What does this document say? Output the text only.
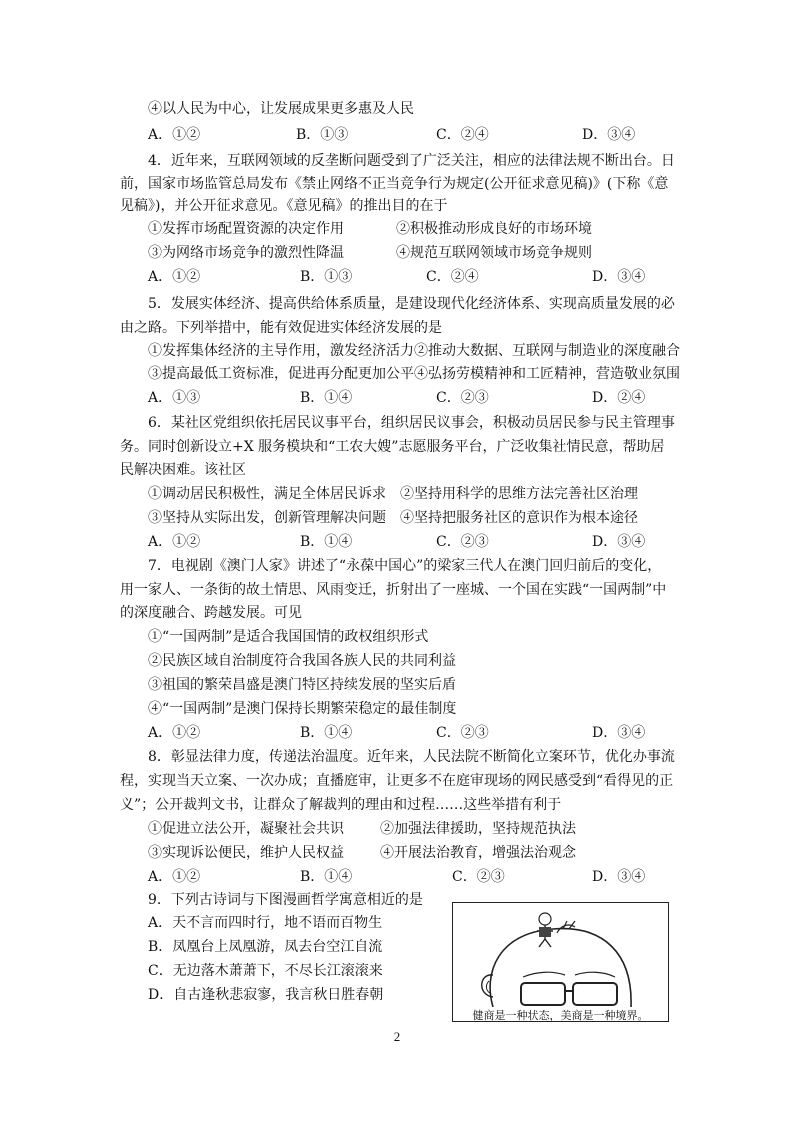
④以人民为中心，让发展成果更多惠及人民
A．①②	B．①③	C．②④	D．③④
4．近年来，互联网领域的反垄断问题受到了广泛关注，相应的法律法规不断出台。日
前，国家市场监管总局发布《禁止网络不正当竞争行为规定(公开征求意见稿)》(下称《意
见稿》)，并公开征求意见。《意见稿》的推出目的在于
①发挥市场配置资源的决定作用	②积极推动形成良好的市场环境
③为网络市场竞争的激烈性降温	④规范互联网领域市场竞争规则
A．①②	B．①③	C．②④	D．③④
5．发展实体经济、提高供给体系质量，是建设现代化经济体系、实现高质量发展的必
由之路。下列举措中，能有效促进实体经济发展的是
①发挥集体经济的主导作用，激发经济活力②推动大数据、互联网与制造业的深度融合
③提高最低工资标准，促进再分配更加公平④弘扬劳模精神和工匠精神，营造敬业氛围
A．①③	B．①④	C．②③	D．②④
6．某社区党组织依托居民议事平台，组织居民议事会，积极动员居民参与民主管理事
务。同时创新设立+X 服务模块和“工农大嫂”志愿服务平台，广泛收集社情民意，帮助居
民解决困难。该社区
①调动居民积极性，满足全体居民诉求 ②坚持用科学的思维方法完善社区治理
③坚持从实际出发，创新管理解决问题 ④坚持把服务社区的意识作为根本途径
A．①②	B．①④	C．②③	D．③④
7．电视剧《澳门人家》讲述了“永葆中国心”的梁家三代人在澳门回归前后的变化，
用一家人、一条街的故土情思、风雨变迁，折射出了一座城、一个国在实践“一国两制”中
的深度融合、跨越发展。可见
①“一国两制”是适合我国国情的政权组织形式
②民族区域自治制度符合我国各族人民的共同利益
③祖国的繁荣昌盛是澳门特区持续发展的坚实后盾
④“一国两制”是澳门保持长期繁荣稳定的最佳制度
A．①②	B．①④	C．②③	D．③④
8．彰显法律力度，传递法治温度。近年来，人民法院不断简化立案环节，优化办事流
程，实现当天立案、一次办成；直播庭审，让更多不在庭审现场的网民感受到“看得见的正
义”；公开裁判文书，让群众了解裁判的理由和过程……这些举措有利于
①促进立法公开，凝聚社会共识	②加强法律援助，坚持规范执法
③实现诉讼便民，维护人民权益	④开展法治教育，增强法治观念
A．①②	B．①④	C．②③	D．③④
9．下列古诗词与下图漫画哲学寓意相近的是
A．天不言而四时行，地不语而百物生
B．凤凰台上凤凰游，凤去台空江自流
C．无边落木萧萧下，不尽长江滚滚来
D．自古逢秋悲寂寥，我言秋日胜春朝
健商是一种状态，美商是一种境界。
2
